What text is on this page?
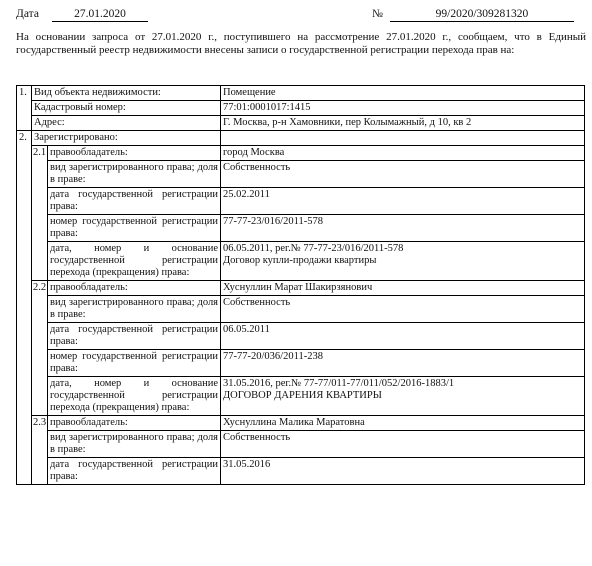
Дата	27.01.2020	№	99/2020/309281320
На основании запроса от 27.01.2020 г., поступившего на рассмотрение 27.01.2020 г., сообщаем, что в Единый государственный реестр недвижимости внесены записи о государственной регистрации перехода прав на:
1.	Вид объекта недвижимости:		Помещение
	Кадастровый номер:		77:01:0001017:1415
	Адрес:		Г. Москва, р-н Хамовники, пер Колымажный, д 10, кв 2
2.	Зарегистрировано:		
	2.1	правообладатель:	город Москва
		вид зарегистрированного права; доля в праве:	Собственность
		дата государственной регистрации права:	25.02.2011
		номер государственной регистрации права:	77-77-23/016/2011-578
		дата, номер и основание государственной регистрации перехода (прекращения) права:	06.05.2011, рег.№ 77-77-23/016/2011-578
Договор купли-продажи квартиры

	2.2	правообладатель:	Хуснуллин Марат Шакирзянович
		вид зарегистрированного права; доля в праве:	Собственность
		дата государственной регистрации права:	06.05.2011
		номер государственной регистрации права:	77-77-20/036/2011-238
		дата, номер и основание государственной регистрации перехода (прекращения) права:	31.05.2016, рег.№ 77-77/011-77/011/052/2016-1883/1
ДОГОВОР ДАРЕНИЯ КВАРТИРЫ

	2.3	правообладатель:	Хуснуллина Малика Маратовна
		вид зарегистрированного права; доля в праве:	Собственность
		дата государственной регистрации права:	31.05.2016
